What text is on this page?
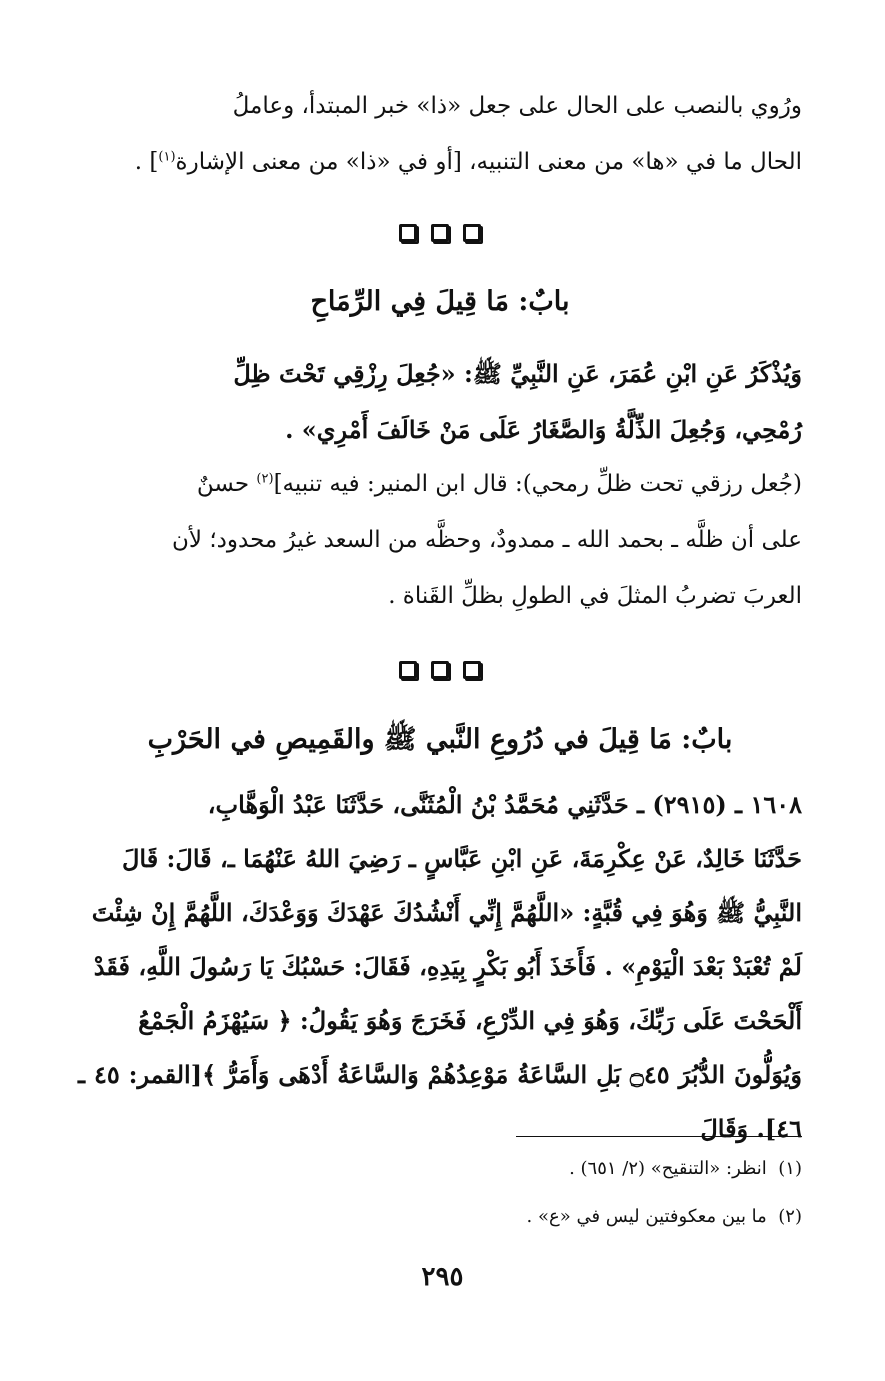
ورُوي بالنصب على الحال على جعل «ذا» خبر المبتدأ، وعاملُ

الحال ما في «ها» من معنى التنبيه، [أو في «ذا» من معنى الإشارة$^{(١)}$] .

بابٌ: مَا قِيلَ فِي الرِّمَاحِ

وَيُذْكَرُ عَنِ ابْنِ عُمَرَ، عَنِ النَّبِيِّ ﷺ: «جُعِلَ رِزْقِي تَحْتَ ظِلِّ

رُمْحِي، وَجُعِلَ الذِّلَّةُ وَالصَّغَارُ عَلَى مَنْ خَالَفَ أَمْرِي» .

(جُعل رزقي تحت ظلِّ رمحي): قال ابن المنير: فيه تنبيه]$^{(٢)}$ حسنٌ

على أن ظلَّه ـ بحمد الله ـ ممدودٌ، وحظَّه من السعد غيرُ محدود؛ لأن

العربَ تضربُ المثلَ في الطولِ بظلِّ القَناة .

بابٌ: مَا قِيلَ في دُرُوعِ النَّبي ﷺ والقَمِيصِ في الحَرْبِ

١٦٠٨ ـ (٢٩١٥) ـ حَدَّثَنِي مُحَمَّدُ بْنُ الْمُثَنَّى، حَدَّثَنَا عَبْدُ الْوَهَّابِ،

حَدَّثَنَا خَالِدٌ، عَنْ عِكْرِمَةَ، عَنِ ابْنِ عَبَّاسٍ ـ رَضِيَ اللهُ عَنْهُمَا ـ، قَالَ: قَالَ

النَّبِيُّ ﷺ وَهُوَ فِي قُبَّةٍ: «اللَّهُمَّ إِنِّي أَنْشُدُكَ عَهْدَكَ وَوَعْدَكَ، اللَّهُمَّ إِنْ شِئْتَ

لَمْ تُعْبَدْ بَعْدَ الْيَوْمِ» . فَأَخَذَ أَبُو بَكْرٍ بِيَدِهِ، فَقَالَ: حَسْبُكَ يَا رَسُولَ اللَّهِ، فَقَدْ

أَلْحَحْتَ عَلَى رَبِّكَ، وَهُوَ فِي الدِّرْعِ، فَخَرَجَ وَهُوَ يَقُولُ: ﴿ سَيُهْزَمُ الْجَمْعُ

وَيُوَلُّونَ الدُّبُرَ ۝٤٥ بَلِ السَّاعَةُ مَوْعِدُهُمْ وَالسَّاعَةُ أَدْهَى وَأَمَرُّ ﴾[القمر: ٤٥ ـ ٤٦]. وَقَالَ

(١)  انظر: «التنقيح» (٢/ ٦٥١) .

(٢)  ما بين معكوفتين ليس في «ع» .

٢٩٥
